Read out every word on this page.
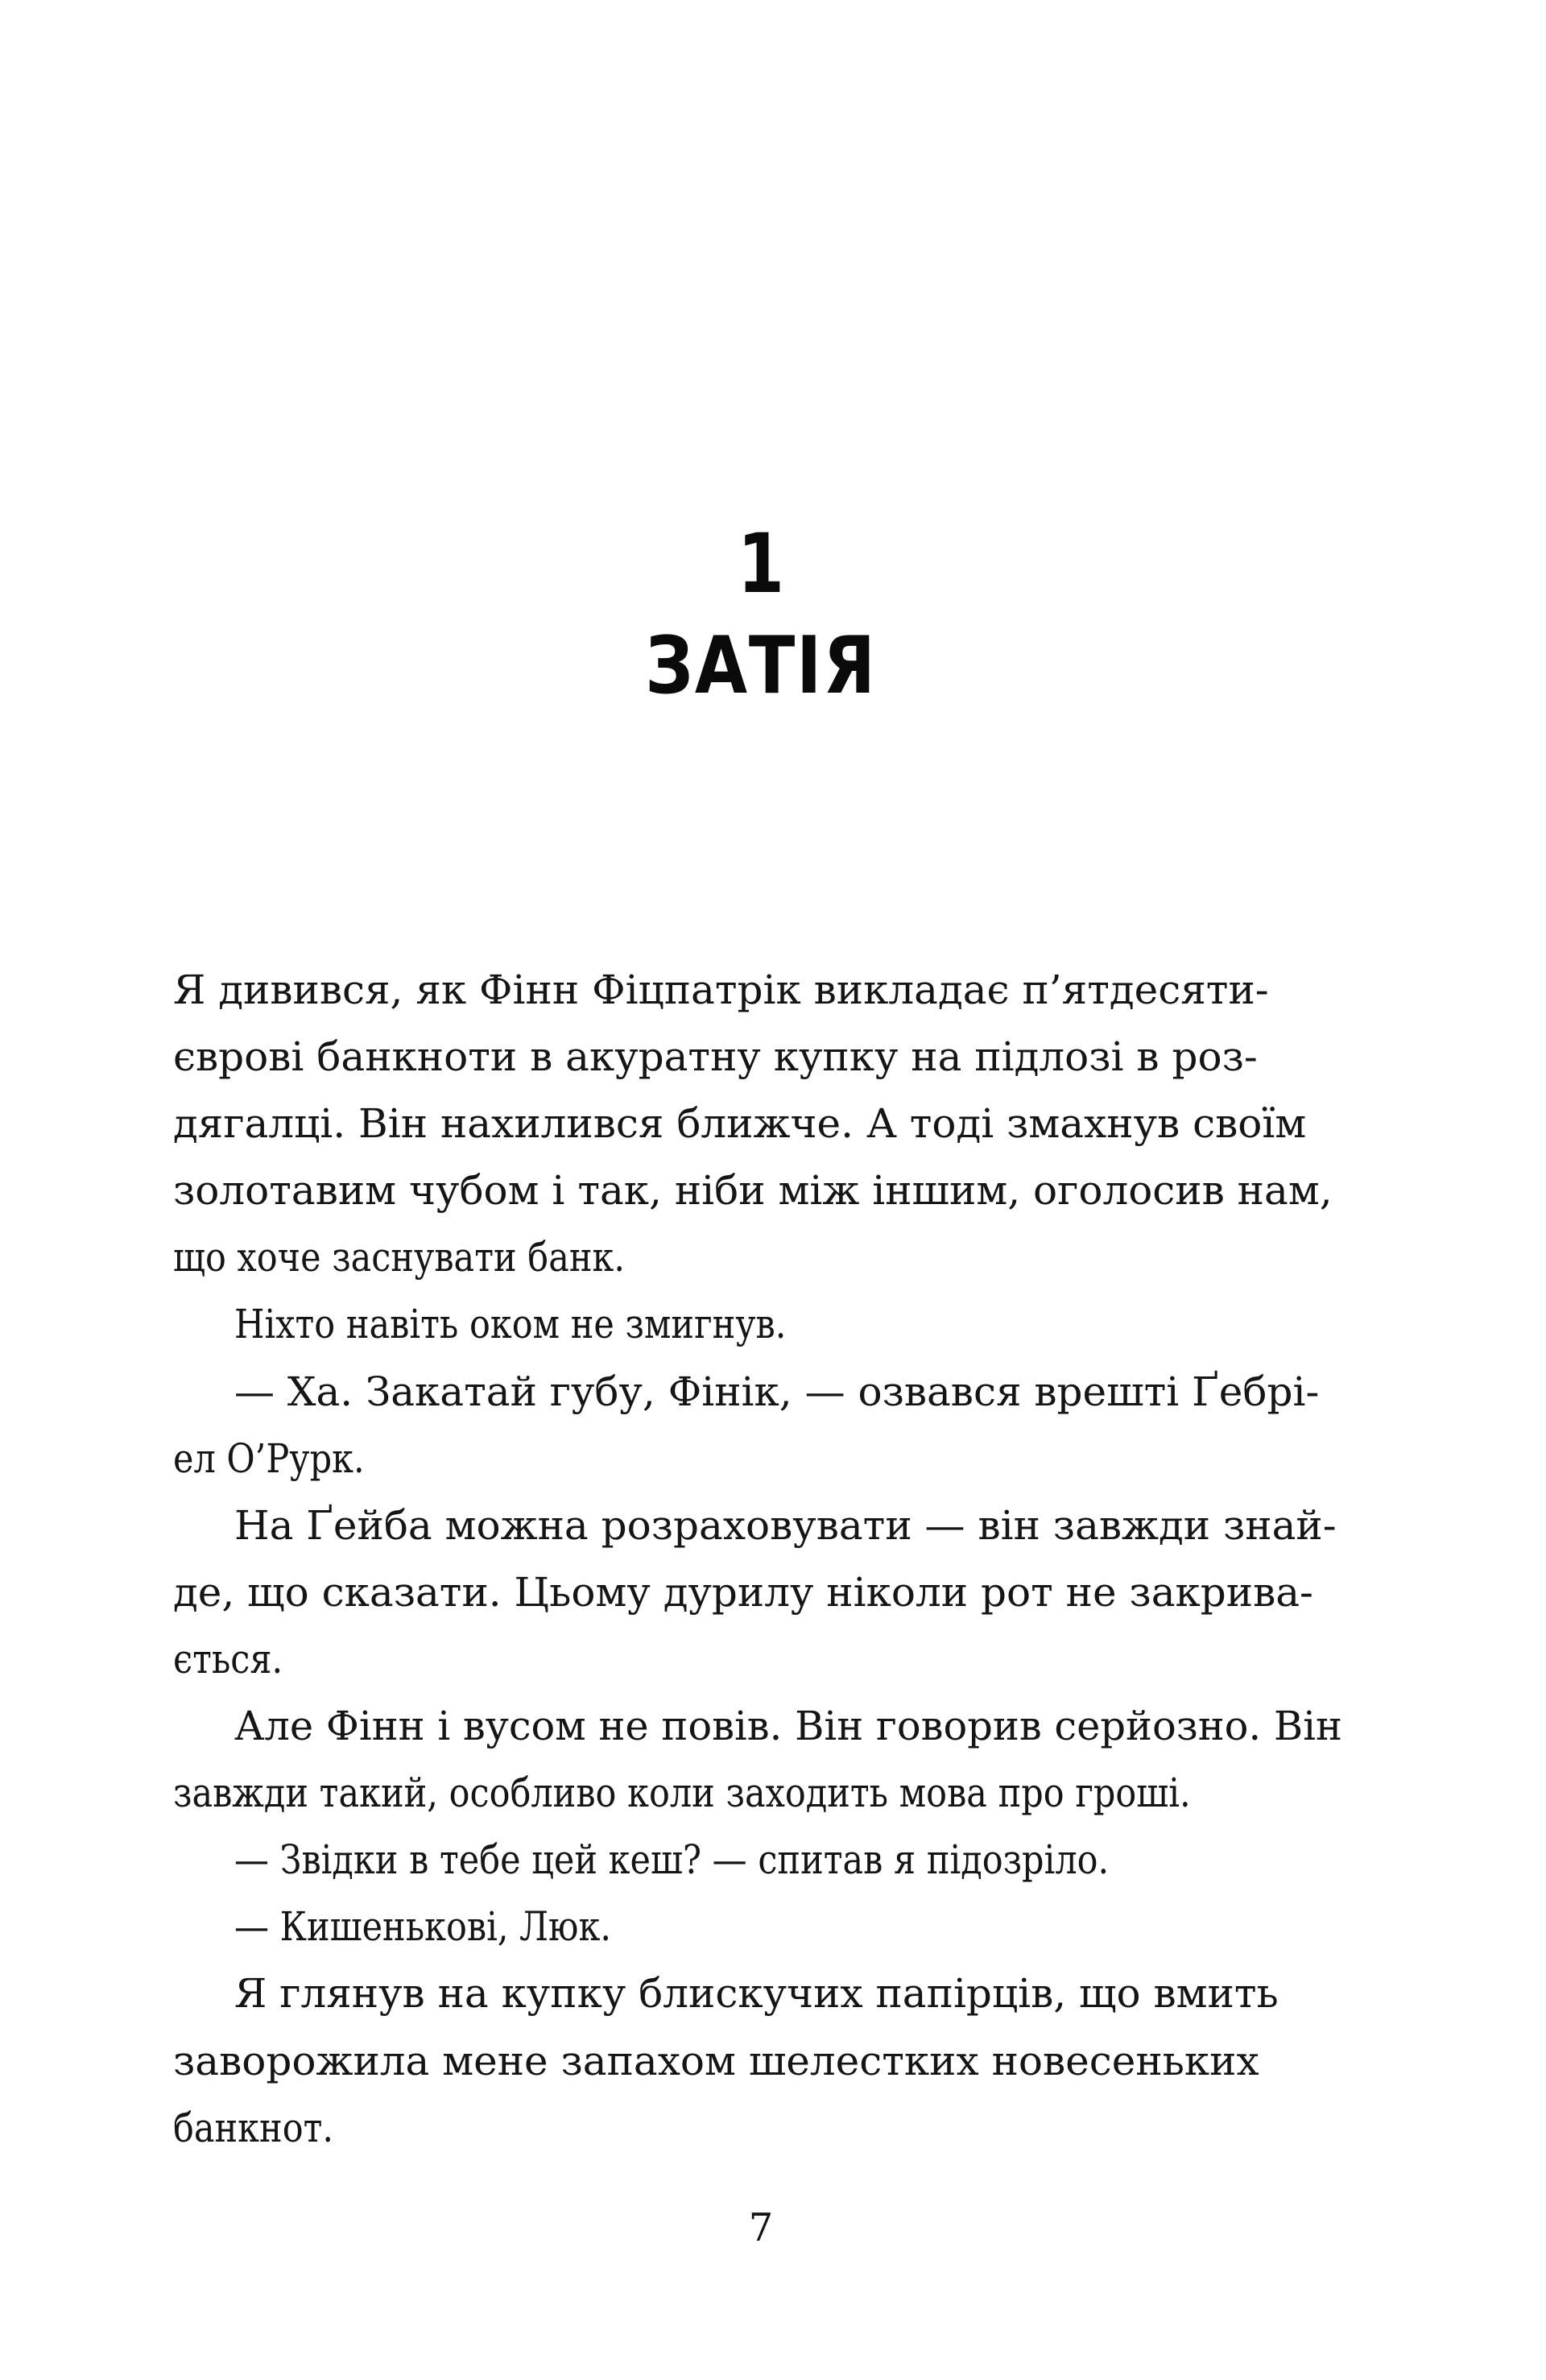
1
ЗАТІЯ
Я дивився, як Фінн Фіцпатрік викладає п’ятдесяти-
єврові банкноти в акуратну купку на підлозі в роз-
дягалці. Він нахилився ближче. А тоді змахнув своїм
золотавим чубом і так, ніби між іншим, оголосив нам,
що хоче заснувати банк.
Ніхто навіть оком не змигнув.
— Ха. Закатай губу, Фінік, — озвався врешті Ґебрі-
ел О’Рурк.
На Ґейба можна розраховувати — він завжди знай-
де, що сказати. Цьому дурилу ніколи рот не закрива-
ється.
Але Фінн і вусом не повів. Він говорив серйозно. Він
завжди такий, особливо коли заходить мова про гроші.
— Звідки в тебе цей кеш? — спитав я підозріло.
— Кишенькові, Люк.
Я глянув на купку блискучих папірців, що вмить
заворожила мене запахом шелестких новесеньких
банкнот.
7
